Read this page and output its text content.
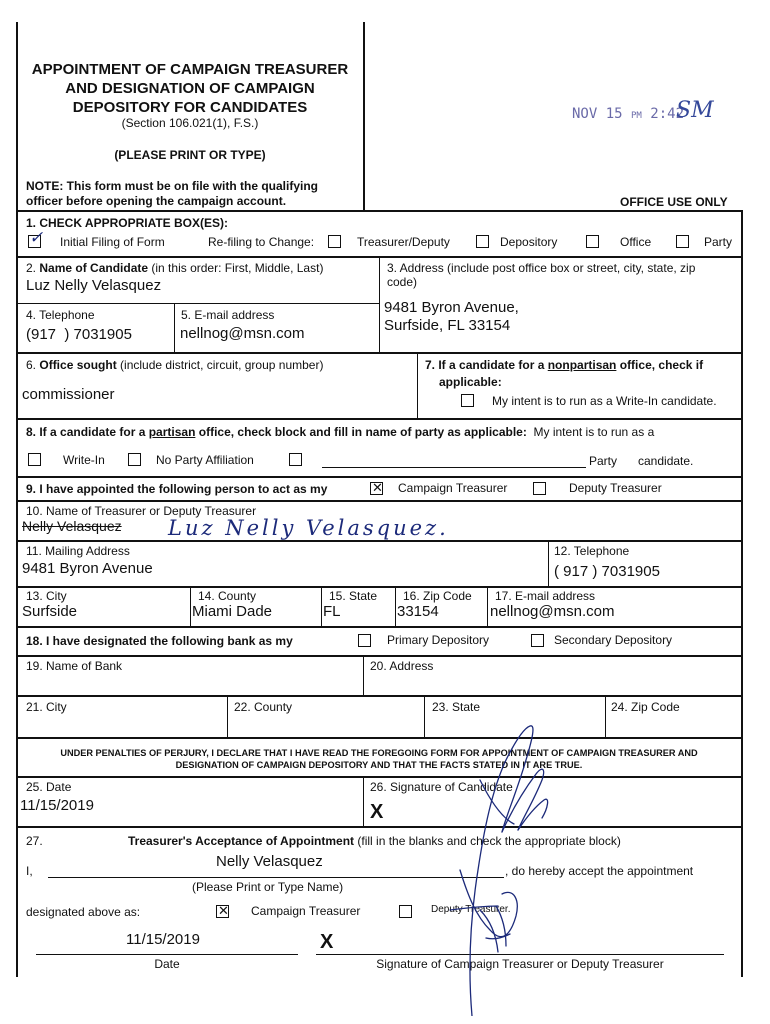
APPOINTMENT OF CAMPAIGN TREASURER
AND DESIGNATION OF CAMPAIGN
DEPOSITORY FOR CANDIDATES
(Section 106.021(1), F.S.)
(PLEASE PRINT OR TYPE)
NOTE: This form must be on file with the qualifying
officer before opening the campaign account.	OFFICE USE ONLY
NOV 15 PM 2:42
SM
1. CHECK APPROPRIATE BOX(ES):
✓ Initial Filing of Form	Re-filing to Change:	Treasurer/Deputy	Depository	Office	Party
2. Name of Candidate (in this order: First, Middle, Last)
Luz Nelly Velasquez
3. Address (include post office box or street, city, state, zip
code)
9481 Byron Avenue,
Surfside, FL 33154
4. Telephone
(917  ) 7031905
5. E-mail address
nellnog@msn.com
6. Office sought (include district, circuit, group number)
commissioner
7. If a candidate for a nonpartisan office, check if
applicable:
My intent is to run as a Write-In candidate.
8. If a candidate for a partisan office, check block and fill in name of party as applicable: My intent is to run as a
Write-In	No Party Affiliation	Party candidate.
9. I have appointed the following person to act as my	✕ Campaign Treasurer	Deputy Treasurer
10. Name of Treasurer or Deputy Treasurer
Nelly Velasquez Luz Nelly Velasquez.
11. Mailing Address
9481 Byron Avenue
12. Telephone
( 917 ) 7031905
13. City
Surfside
14. County
Miami Dade
15. State
FL
16. Zip Code
33154
17. E-mail address
nellnog@msn.com
18. I have designated the following bank as my	Primary Depository	Secondary Depository
19. Name of Bank	20. Address
21. City	22. County	23. State	24. Zip Code
UNDER PENALTIES OF PERJURY, I DECLARE THAT I HAVE READ THE FOREGOING FORM FOR APPOINTMENT OF CAMPAIGN TREASURER AND
DESIGNATION OF CAMPAIGN DEPOSITORY AND THAT THE FACTS STATED IN IT ARE TRUE.
25. Date
11/15/2019
26. Signature of Candidate
X
27.	Treasurer's Acceptance of Appointment (fill in the blanks and check the appropriate block)
I,
Nelly Velasquez
, do hereby accept the appointment
(Please Print or Type Name)
designated above as:	✕ Campaign Treasurer	Deputy Treasurer.
11/15/2019	X
Date	Signature of Campaign Treasurer or Deputy Treasurer
